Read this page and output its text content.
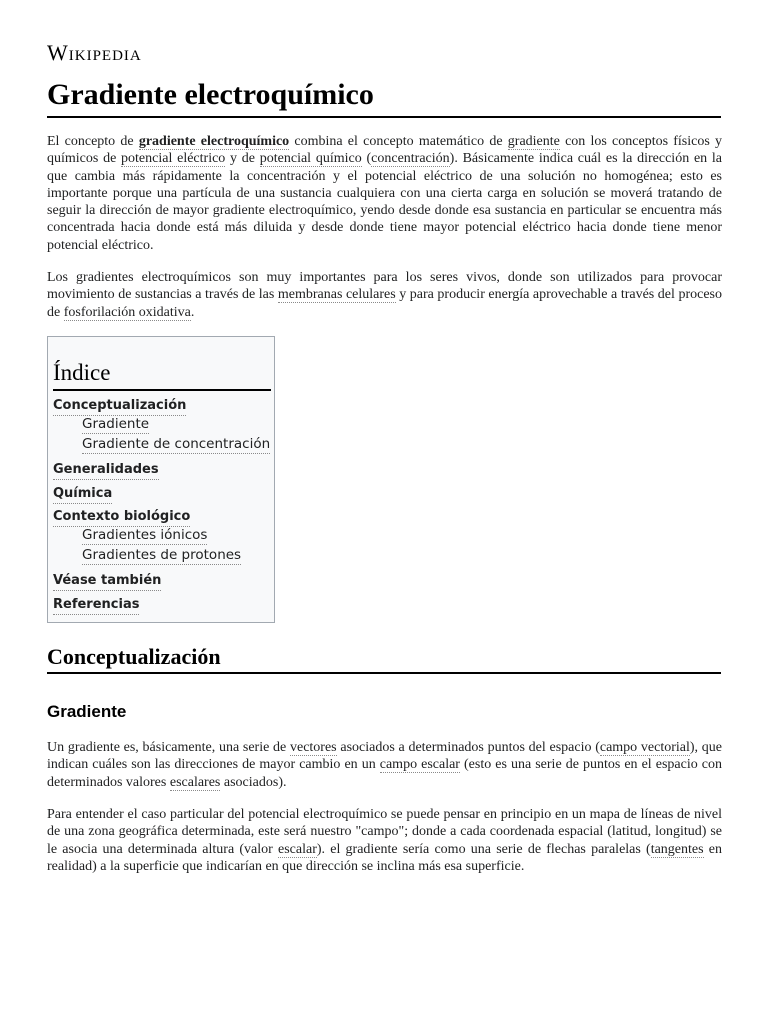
Wikipedia
Gradiente electroquímico

El concepto de gradiente electroquímico combina el concepto matemático de gradiente con los conceptos físicos y químicos de potencial eléctrico y de potencial químico (concentración). Básicamente indica cuál es la dirección en la que cambia más rápidamente la concentración y el potencial eléctrico de una solución no homogénea; esto es importante porque una partícula de una sustancia cualquiera con una cierta carga en solución se moverá tratando de seguir la dirección de mayor gradiente electroquímico, yendo desde donde esa sustancia en particular se encuentra más concentrada hacia donde está más diluida y desde donde tiene mayor potencial eléctrico hacia donde tiene menor potencial eléctrico.

Los gradientes electroquímicos son muy importantes para los seres vivos, donde son utilizados para provocar movimiento de sustancias a través de las membranas celulares y para producir energía aprovechable a través del proceso de fosforilación oxidativa.

Índice
Conceptualización
Gradiente
Gradiente de concentración
Generalidades
Química
Contexto biológico
Gradientes iónicos
Gradientes de protones
Véase también
Referencias
Conceptualización
Gradiente

Un gradiente es, básicamente, una serie de vectores asociados a determinados puntos del espacio (campo vectorial), que indican cuáles son las direcciones de mayor cambio en un campo escalar (esto es una serie de puntos en el espacio con determinados valores escalares asociados).

Para entender el caso particular del potencial electroquímico se puede pensar en principio en un mapa de líneas de nivel de una zona geográfica determinada, este será nuestro "campo"; donde a cada coordenada espacial (latitud, longitud) se le asocia una determinada altura (valor escalar). el gradiente sería como una serie de flechas paralelas (tangentes en realidad) a la superficie que indicarían en que dirección se inclina más esa superficie.
